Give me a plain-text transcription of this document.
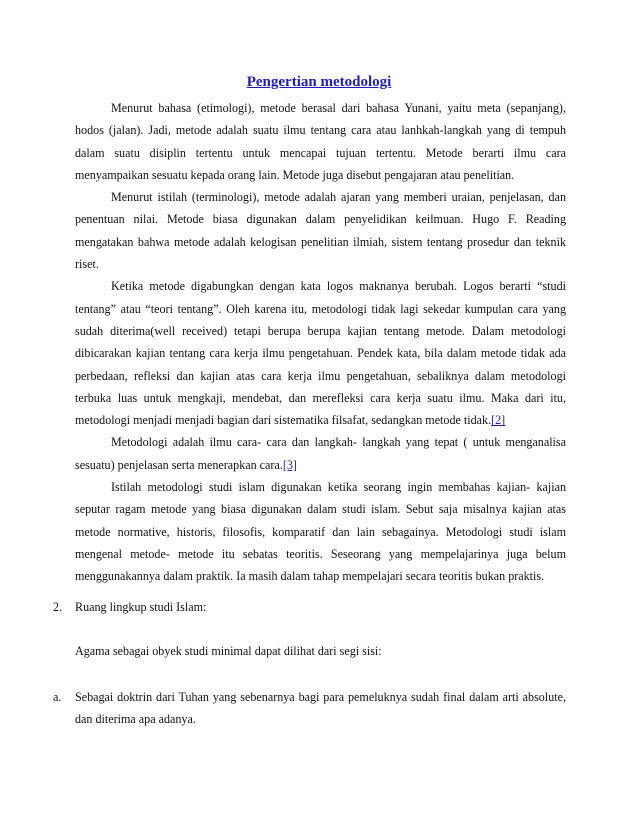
Pengertian metodologi

Menurut bahasa (etimologi), metode berasal dari bahasa Yunani, yaitu meta (sepanjang), hodos (jalan). Jadi, metode adalah suatu ilmu tentang cara atau lanhkah-langkah yang di tempuh dalam suatu disiplin tertentu untuk mencapai tujuan tertentu. Metode berarti ilmu cara menyampaikan sesuatu kepada orang lain. Metode juga disebut pengajaran atau penelitian.

Menurut istilah (terminologi), metode adalah ajaran yang memberi uraian, penjelasan, dan penentuan nilai. Metode biasa digunakan dalam penyelidikan keilmuan. Hugo F. Reading mengatakan bahwa metode adalah kelogisan penelitian ilmiah, sistem tentang prosedur dan teknik riset.

Ketika metode digabungkan dengan kata logos maknanya berubah. Logos berarti “studi tentang” atau “teori tentang”. Oleh karena itu, metodologi tidak lagi sekedar kumpulan cara yang sudah diterima(well received) tetapi berupa berupa kajian tentang metode. Dalam metodologi dibicarakan kajian tentang cara kerja ilmu pengetahuan. Pendek kata, bila dalam metode tidak ada perbedaan, refleksi dan kajian atas cara kerja ilmu pengetahuan, sebaliknya dalam metodologi terbuka luas untuk mengkaji, mendebat, dan merefleksi cara kerja suatu ilmu. Maka dari itu, metodologi menjadi menjadi bagian dari sistematika filsafat, sedangkan metode tidak.[2]

Metodologi adalah ilmu cara- cara dan langkah- langkah yang tepat ( untuk menganalisa sesuatu) penjelasan serta menerapkan cara.[3]

Istilah metodologi studi islam digunakan ketika seorang ingin membahas kajian- kajian seputar ragam metode yang biasa digunakan dalam studi islam. Sebut saja misalnya kajian atas metode normative, historis, filosofis, komparatif dan lain sebagainya. Metodologi studi islam mengenal metode- metode itu sebatas teoritis. Seseorang yang mempelajarinya juga belum menggunakannya dalam praktik. Ia masih dalam tahap mempelajari secara teoritis bukan praktis.

2.	Ruang lingkup studi Islam:
Agama sebagai obyek studi minimal dapat dilihat dari segi sisi:
a.	Sebagai doktrin dari Tuhan yang sebenarnya bagi para pemeluknya sudah final dalam arti absolute, dan diterima apa adanya.
